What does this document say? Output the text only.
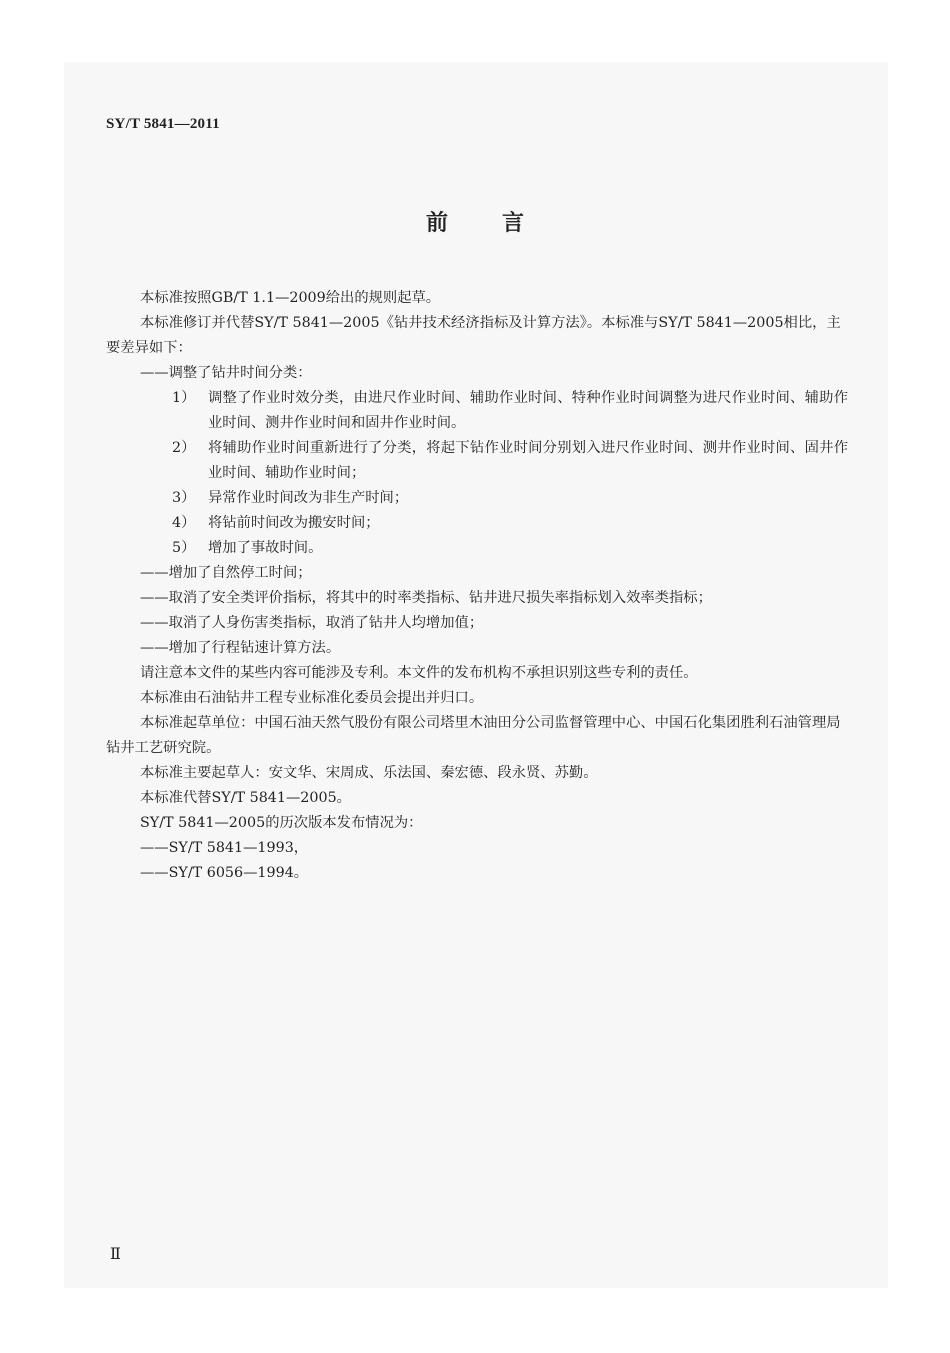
SY/T 5841—2011
前言

本标准按照GB/T 1.1—2009给出的规则起草。

本标准修订并代替SY/T 5841—2005《钻井技术经济指标及计算方法》。本标准与SY/T 5841—2005相比，主要差异如下：

——调整了钻井时间分类：

1） 调整了作业时效分类，由进尺作业时间、辅助作业时间、特种作业时间调整为进尺作业时间、辅助作业时间、测井作业时间和固井作业时间。
2） 将辅助作业时间重新进行了分类，将起下钻作业时间分别划入进尺作业时间、测井作业时间、固井作业时间、辅助作业时间；
3） 异常作业时间改为非生产时间；
4） 将钻前时间改为搬安时间；
5） 增加了事故时间。

——增加了自然停工时间；

——取消了安全类评价指标，将其中的时率类指标、钻井进尺损失率指标划入效率类指标；

——取消了人身伤害类指标，取消了钻井人均增加值；

——增加了行程钻速计算方法。

请注意本文件的某些内容可能涉及专利。本文件的发布机构不承担识别这些专利的责任。

本标准由石油钻井工程专业标准化委员会提出并归口。

本标准起草单位：中国石油天然气股份有限公司塔里木油田分公司监督管理中心、中国石化集团胜利石油管理局钻井工艺研究院。

本标准主要起草人：安文华、宋周成、乐法国、秦宏德、段永贤、苏勤。

本标准代替SY/T 5841—2005。

SY/T 5841—2005的历次版本发布情况为：

——SY/T 5841—1993，

——SY/T 6056—1994。

Ⅱ
